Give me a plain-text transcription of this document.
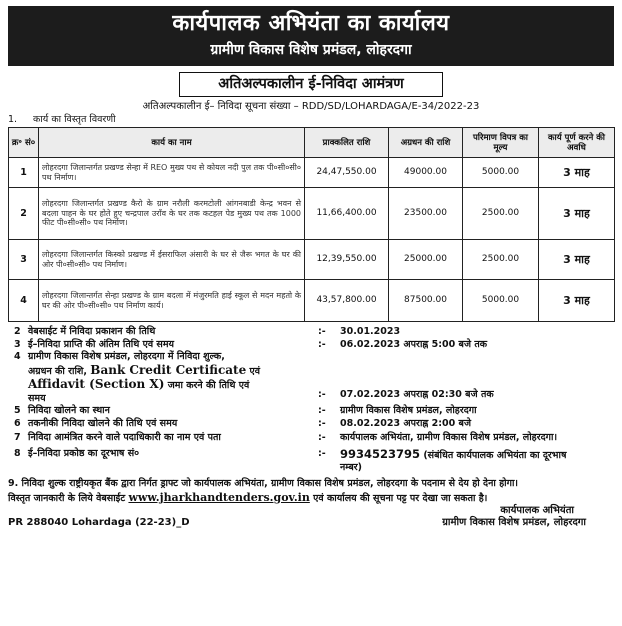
कार्यपालक अभियंता का कार्यालय
ग्रामीण विकास विशेष प्रमंडल, लोहरदगा
अतिअल्पकालीन ई-निविदा आमंत्रण
अतिअल्पकालीन ई– निविदा सूचना संख्या – RDD/SD/LOHARDAGA/E-34/2022-23
1. कार्य का विस्तृत विवरणी
क्र॰ सं०	कार्य का नाम	प्राक्कलित राशि	अग्रधन की राशि	परिमाण विपत्र का मूल्य	कार्य पूर्ण करने की अवधि
1	लोहरदगा जिलान्तर्गत प्रखण्ड सेन्हा में REO मुख्य पथ से कोयल नदी पुल तक पी०सी०सी० पथ निर्माण।	24,47,550.00	49000.00	5000.00	3 माह
2	लोहरदगा जिलान्तर्गत प्रखण्ड कैरो के ग्राम नरौली करमटोली आंगनबाडी केन्द्र भवन से बदला पाहन के घर होते हुए चन्द्रपाल उराँव के घर तक कटहल पेड मुख्य पथ तक 1000 फीट पी०सी०सी० पथ निर्माण।	11,66,400.00	23500.00	2500.00	3 माह
3	लोहरदगा जिलान्तर्गत किस्को प्रखण्ड में ईसराफिल अंसारी के घर से जैरू भगत के घर की ओर पी०सी०सी० पथ निर्माण।	12,39,550.00	25000.00	2500.00	3 माह
4	लोहरदगा जिलान्तर्गत सेन्हा प्रखण्ड के ग्राम बदला में मंजुरमति हाई स्कूल से मदन महतो के घर की ओर पी०सी०सी० पथ निर्माण कार्य।	43,57,800.00	87500.00	5000.00	3 माह
2 वेबसाईट में निविदा प्रकाशन की तिथि	:-	30.01.2023
3 ई–निविदा प्राप्ति की अंतिम तिथि एवं समय	:-	06.02.2023 अपराह्न 5:00 बजे तक
4 ग्रामीण विकास विशेष प्रमंडल, लोहरदगा में निविदा शुल्क,
अग्रधन की राशि, Bank Credit Certificate एवं
Affidavit (Section X) जमा करने की तिथि एवं
समय	:-	07.02.2023 अपराह्न 02:30 बजे तक
5 निविदा खोलने का स्थान	:-	ग्रामीण विकास विशेष प्रमंडल, लोहरदगा
6 तकनीकी निविदा खोलने की तिथि एवं समय	:-	08.02.2023 अपराह्न 2:00 बजे
7 निविदा आमंत्रित करने वाले पदाधिकारी का नाम एवं पता	:-	कार्यपालक अभियंता, ग्रामीण विकास विशेष प्रमंडल, लोहरदगा।
8 ई–निविदा प्रकोष्ठ का दूरभाष सं०	:-	9934523795 (संबंधित कार्यपालक अभियंता का दूरभाष नम्बर)
9. निविदा शुल्क राष्ट्रीयकृत बैंक द्वारा निर्गत ड्राफ्ट जो कार्यपालक अभियंता, ग्रामीण विकास विशेष प्रमंडल, लोहरदगा के पदनाम से देय हो देना होगा।
विस्तृत जानकारी के लिये वेबसाईट www.jharkhandtenders.gov.in एवं कार्यालय की सूचना पट्ट पर देखा जा सकता है।
कार्यपालक अभियंता
PR 288040 Lohardaga (22-23)_D	ग्रामीण विकास विशेष प्रमंडल, लोहरदगा
